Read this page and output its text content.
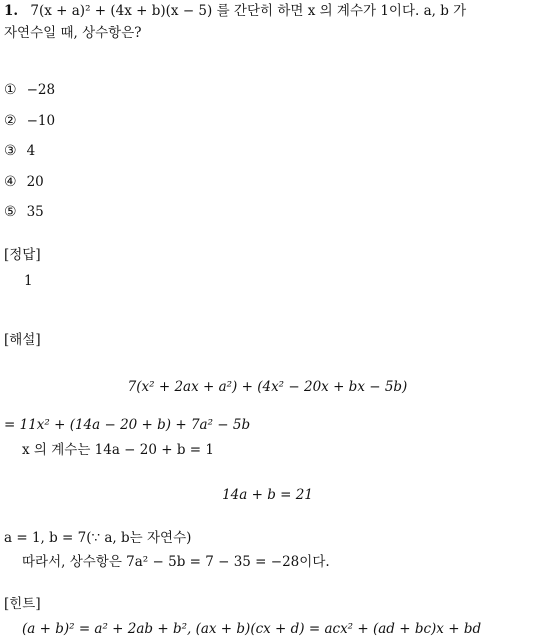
1. 7(x + a)² + (4x + b)(x − 5) 를 간단히 하면 x 의 계수가 1이다. a, b 가
자연수일 때, 상수항은?
① −28
② −10
③ 4
④ 20
⑤ 35
[정답]
1
[해설]
7(x² + 2ax + a²) + (4x² − 20x + bx − 5b)
= 11x² + (14a − 20 + b) + 7a² − 5b
x 의 계수는 14a − 20 + b = 1
14a + b = 21
a = 1, b = 7(∵ a, b는 자연수)
따라서, 상수항은 7a² − 5b = 7 − 35 = −28이다.
[힌트]
(a + b)² = a² + 2ab + b², (ax + b)(cx + d) = acx² + (ad + bc)x + bd
